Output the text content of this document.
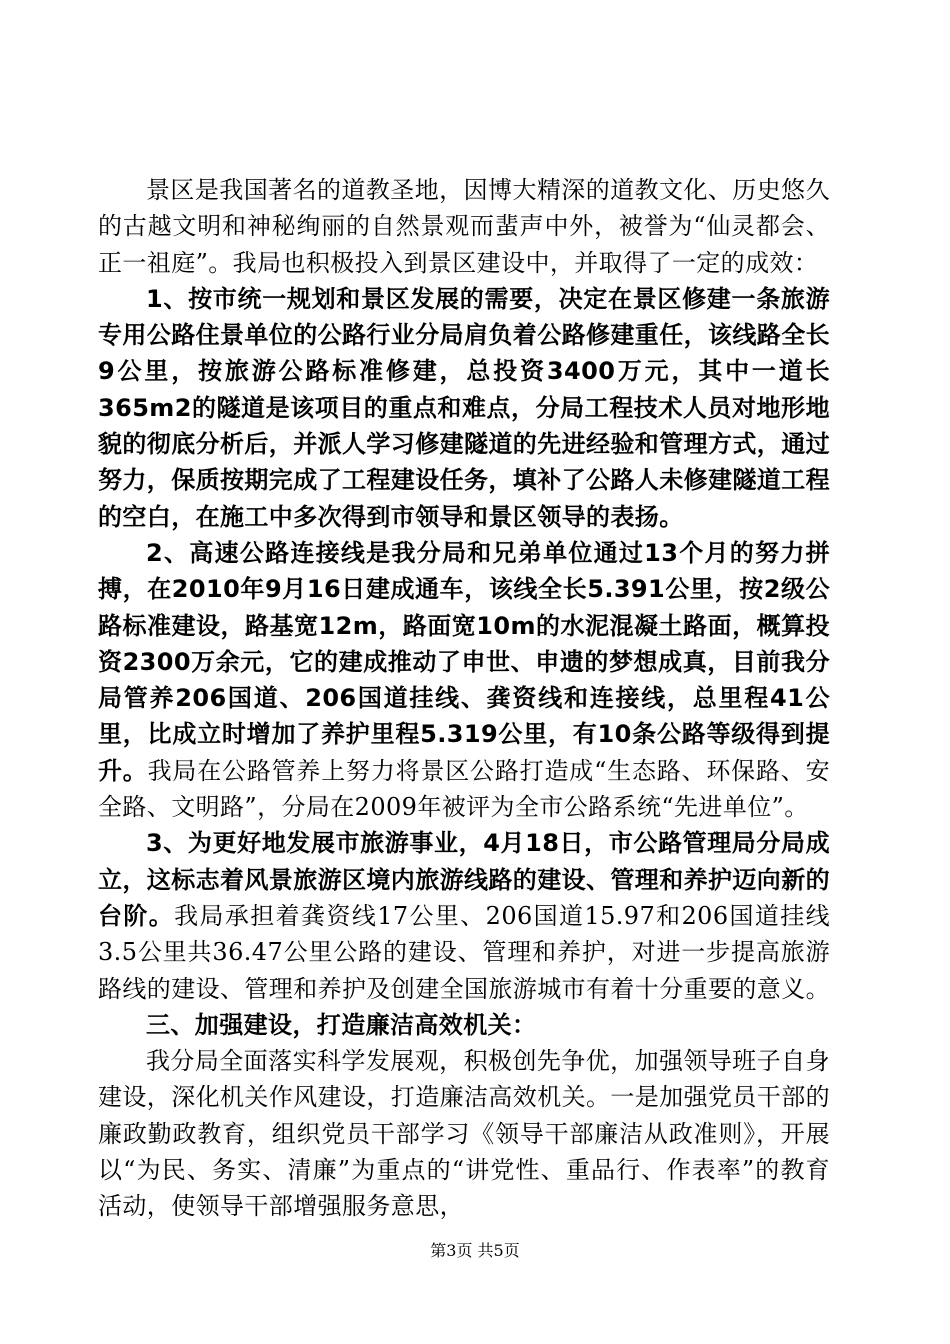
景区是我国著名的道教圣地，因博大精深的道教文化、历史悠久的古越文明和神秘绚丽的自然景观而蜚声中外，被誉为“仙灵都会、正一祖庭”。我局也积极投入到景区建设中，并取得了一定的成效：

1、按市统一规划和景区发展的需要，决定在景区修建一条旅游专用公路住景单位的公路行业分局肩负着公路修建重任，该线路全长9公里，按旅游公路标准修建，总投资3400万元，其中一道长365m2的隧道是该项目的重点和难点，分局工程技术人员对地形地貌的彻底分析后，并派人学习修建隧道的先进经验和管理方式，通过努力，保质按期完成了工程建设任务，填补了公路人未修建隧道工程的空白，在施工中多次得到市领导和景区领导的表扬。

2、高速公路连接线是我分局和兄弟单位通过13个月的努力拼搏，在2010年9月16日建成通车，该线全长5.391公里，按2级公路标准建设，路基宽12m，路面宽10m的水泥混凝土路面，概算投资2300万余元，它的建成推动了申世、申遗的梦想成真，目前我分局管养206国道、206国道挂线、龚资线和连接线，总里程41公里，比成立时增加了养护里程5.319公里，有10条公路等级得到提升。我局在公路管养上努力将景区公路打造成“生态路、环保路、安全路、文明路”，分局在2009年被评为全市公路系统“先进单位”。

3、为更好地发展市旅游事业，4月18日，市公路管理局分局成立，这标志着风景旅游区境内旅游线路的建设、管理和养护迈向新的台阶。我局承担着龚资线17公里、206国道15.97和206国道挂线3.5公里共36.47公里公路的建设、管理和养护，对进一步提高旅游路线的建设、管理和养护及创建全国旅游城市有着十分重要的意义。

三、加强建设，打造廉洁高效机关：

我分局全面落实科学发展观，积极创先争优，加强领导班子自身建设，深化机关作风建设，打造廉洁高效机关。一是加强党员干部的廉政勤政教育，组织党员干部学习《领导干部廉洁从政准则》，开展以“为民、务实、清廉”为重点的“讲党性、重品行、作表率”的教育活动，使领导干部增强服务意思，

第3页 共5页
